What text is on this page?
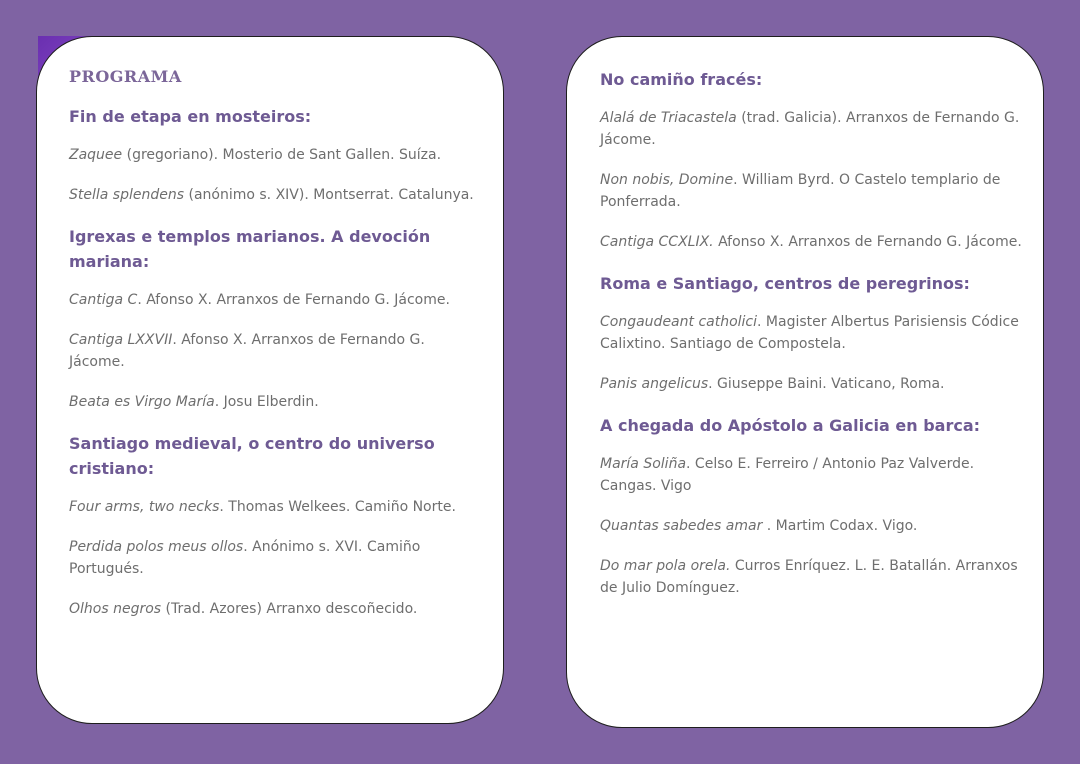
PROGRAMA
Fin de etapa en mosteiros:
Zaquee (gregoriano). Mosterio de Sant Gallen. Suíza.
Stella splendens (anónimo s. XIV). Montserrat. Catalunya.
Igrexas e templos marianos. A devoción mariana:
Cantiga C. Afonso X. Arranxos de Fernando G. Jácome.
Cantiga LXXVII. Afonso X. Arranxos de Fernando G. Jácome.
Beata es Virgo María. Josu Elberdin.
Santiago medieval, o centro do universo cristiano:
Four arms, two necks. Thomas Welkees. Camiño Norte.
Perdida polos meus ollos. Anónimo s. XVI. Camiño Portugués.
Olhos negros (Trad. Azores) Arranxo descoñecido.
No camiño fracés:
Alalá de Triacastela (trad. Galicia). Arranxos de Fernando G. Jácome.
Non nobis, Domine. William Byrd. O Castelo templario de Ponferrada.
Cantiga CCXLIX. Afonso X. Arranxos de Fernando G. Jácome.
Roma e Santiago, centros de peregrinos:
Congaudeant catholici. Magister Albertus Parisiensis Códice Calixtino. Santiago de Compostela.
Panis angelicus. Giuseppe Baini. Vaticano, Roma.
A chegada do Apóstolo a Galicia en barca:
María Soliña. Celso E. Ferreiro / Antonio Paz Valverde. Cangas. Vigo
Quantas sabedes amar . Martim Codax. Vigo.
Do mar pola orela. Curros Enríquez. L. E. Batallán. Arranxos de Julio Domínguez.
